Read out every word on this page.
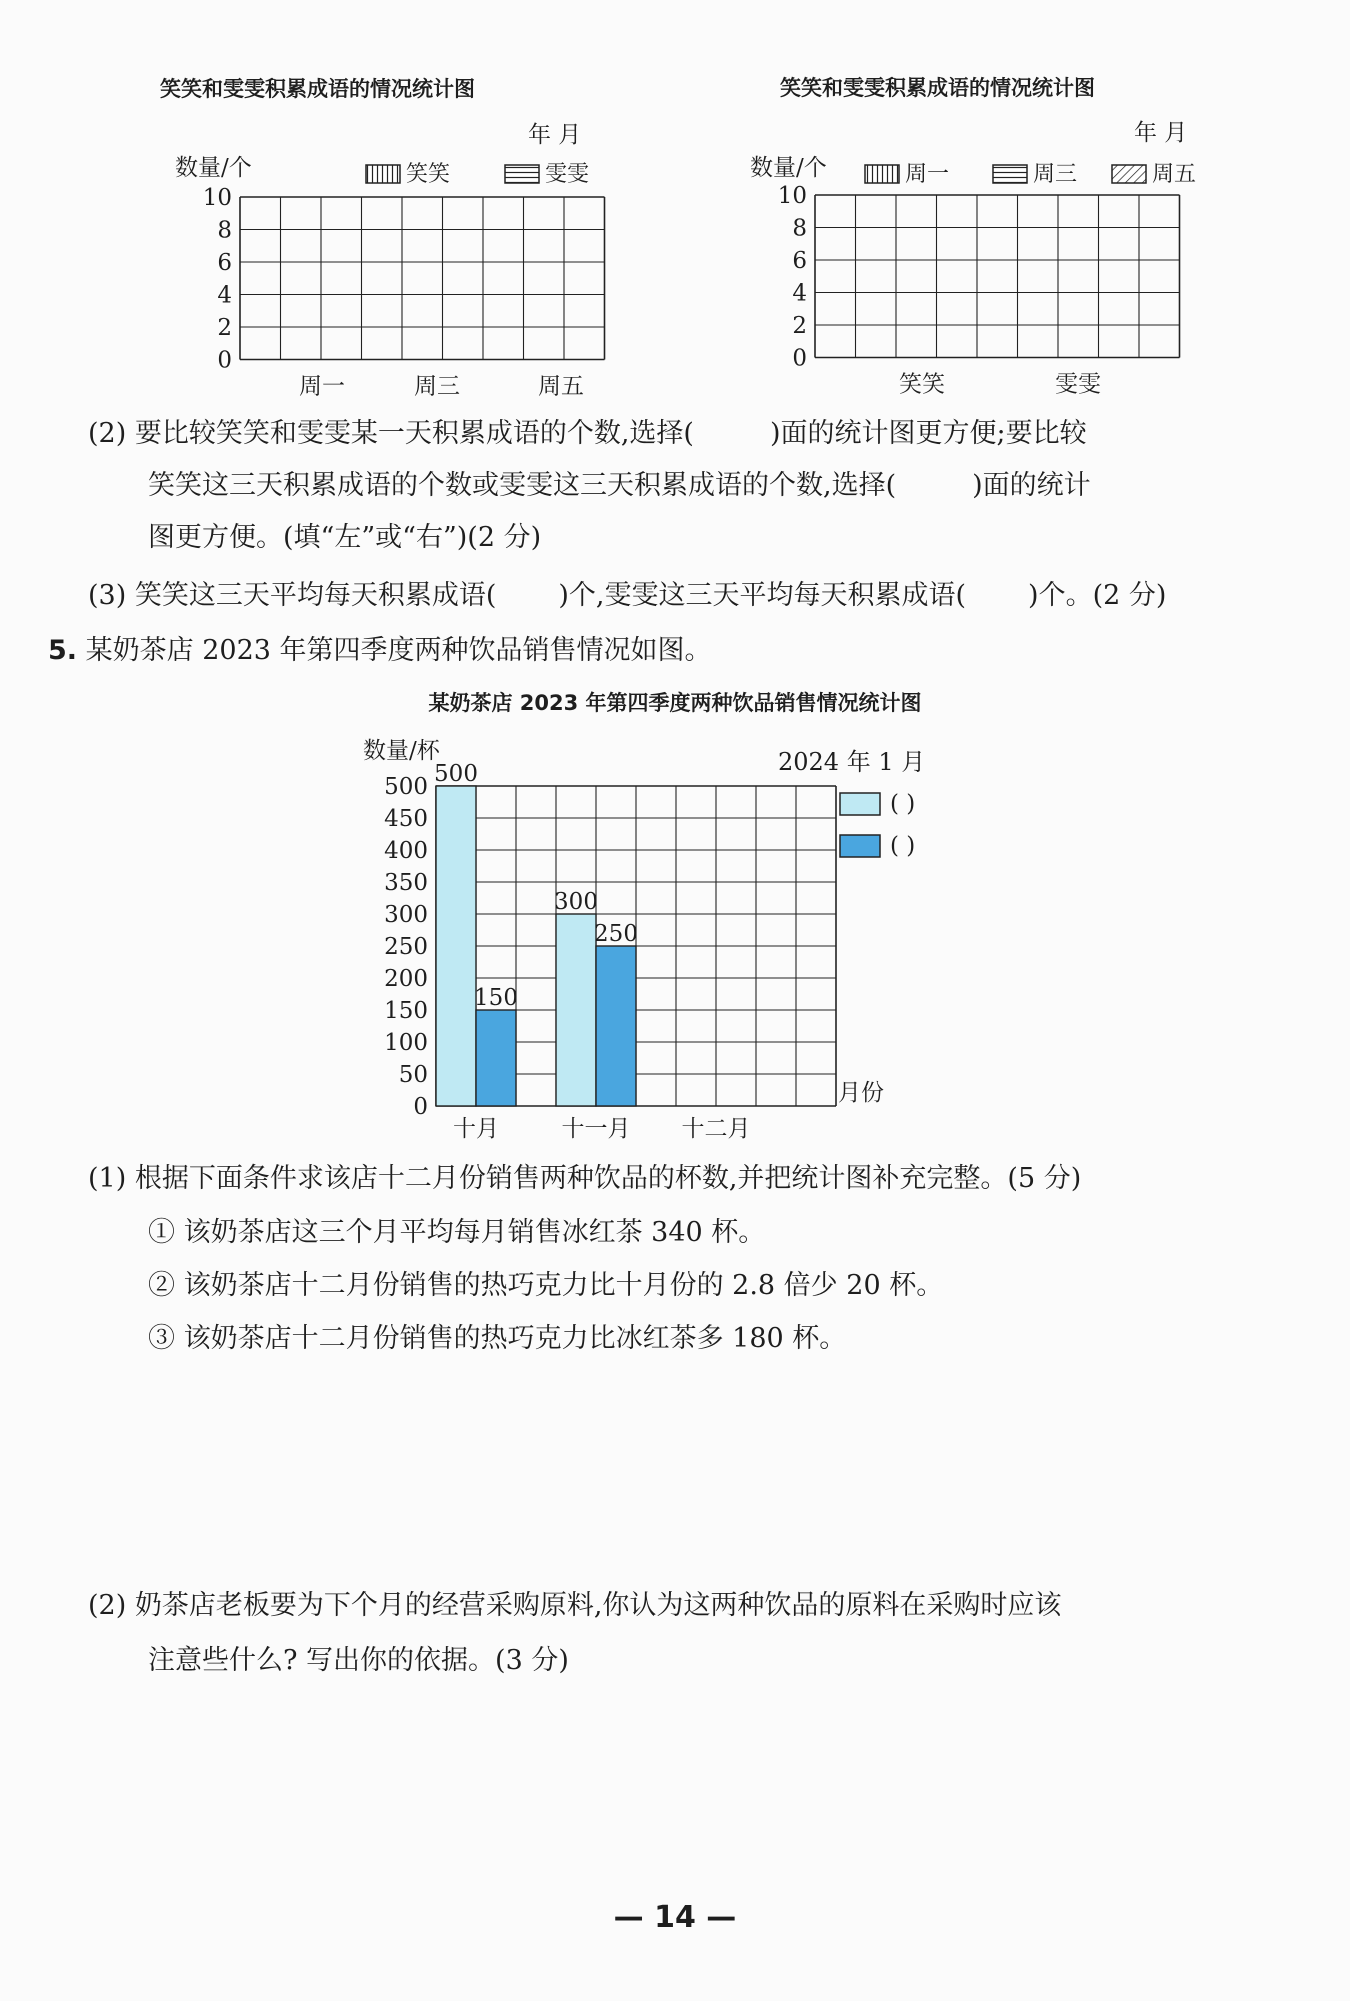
笑笑和雯雯积累成语的情况统计图
年 月
数量/个	笑笑	雯雯
10
8
6
4
2
0
周一	周三	周五
笑笑和雯雯积累成语的情况统计图
年 月
数量/个	周一	周三	周五
10
8
6
4
2
0
笑笑	雯雯
(2) 要比较笑笑和雯雯某一天积累成语的个数,选择(	)面的统计图更方便;要比较
笑笑这三天积累成语的个数或雯雯这三天积累成语的个数,选择(	)面的统计
图更方便。(填“左”或“右”)(2 分)
(3) 笑笑这三天平均每天积累成语( )个,雯雯这三天平均每天积累成语( )个。(2 分)
5. 某奶茶店 2023 年第四季度两种饮品销售情况如图。
某奶茶店 2023 年第四季度两种饮品销售情况统计图
2024 年 1 月
数量/杯
月份
( )
( )
500
150
300
250
0
50
100
150
200
250
300
350
400
450
500
十月	十一月 十二月
(1) 根据下面条件求该店十二月份销售两种饮品的杯数,并把统计图补充完整。(5 分)
① 该奶茶店这三个月平均每月销售冰红茶 340 杯。
② 该奶茶店十二月份销售的热巧克力比十月份的 2.8 倍少 20 杯。
③ 该奶茶店十二月份销售的热巧克力比冰红茶多 180 杯。
(2) 奶茶店老板要为下个月的经营采购原料,你认为这两种饮品的原料在采购时应该
注意些什么? 写出你的依据。(3 分)
— 14 —
